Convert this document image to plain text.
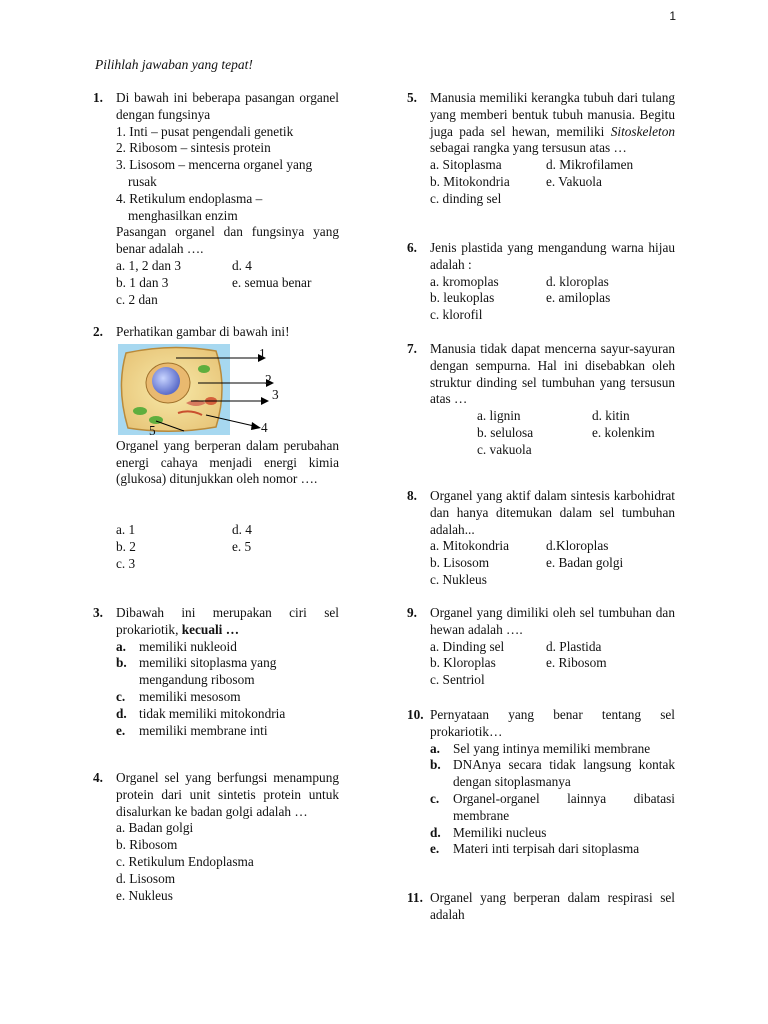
1
Pilihlah jawaban yang tepat!
1. Di bawah ini beberapa pasangan organel dengan fungsinya
1. Inti – pusat pengendali genetik
2. Ribosom – sintesis protein
3. Lisosom – mencerna organel yang
rusak
4. Retikulum endoplasma –
menghasilkan enzim
Pasangan organel dan fungsinya yang benar adalah ….
a. 1, 2 dan 3	d. 4
b. 1 dan 3	e. semua benar
c. 2 dan
2. Perhatikan gambar di bawah ini!
1
2
3
4
5
Organel yang berperan dalam perubahan energi cahaya menjadi energi kimia (glukosa) ditunjukkan oleh nomor ….
a. 1	d. 4
b. 2	e. 5
c. 3
3. Dibawah ini merupakan ciri sel prokariotik, kecuali …
a. memiliki nukleoid
b. memiliki sitoplasma yang mengandung ribosom
c.	memiliki mesosom
d. tidak memiliki mitokondria
e.	memiliki membrane inti
4. Organel sel yang berfungsi menampung protein dari unit sintetis protein untuk disalurkan ke badan golgi adalah …
a. Badan golgi
b. Ribosom
c. Retikulum Endoplasma
d. Lisosom
e. Nukleus
5. Manusia memiliki kerangka tubuh dari tulang yang memberi bentuk tubuh manusia. Begitu juga pada sel hewan, memiliki Sitoskeleton sebagai rangka yang tersusun atas …
a. Sitoplasma	d. Mikrofilamen
b. Mitokondria	e. Vakuola
c. dinding sel
6. Jenis plastida yang mengandung warna hijau adalah :
a. kromoplas	d. kloroplas
b. leukoplas	e. amiloplas
c. klorofil
7. Manusia tidak dapat mencerna sayur-sayuran dengan sempurna. Hal ini disebabkan oleh struktur dinding sel tumbuhan yang tersusun atas …
a. lignin	d. kitin
b. selulosa	e. kolenkim
c. vakuola
8. Organel yang aktif dalam sintesis karbohidrat dan hanya ditemukan dalam sel tumbuhan adalah...
a. Mitokondria	d.Kloroplas
b. Lisosom	e. Badan golgi
c. Nukleus
9. Organel yang dimiliki oleh sel tumbuhan dan hewan adalah ….
a. Dinding sel	d. Plastida
b. Kloroplas	e. Ribosom
c. Sentriol
10. Pernyataan yang benar tentang sel prokariotik…
a. Sel yang intinya memiliki membrane
b. DNAnya secara tidak langsung kontak dengan sitoplasmanya
c.	Organel-organel lainnya dibatasi membrane
d. Memiliki nucleus
e.	Materi inti terpisah dari sitoplasma
11. Organel yang berperan dalam respirasi sel adalah
